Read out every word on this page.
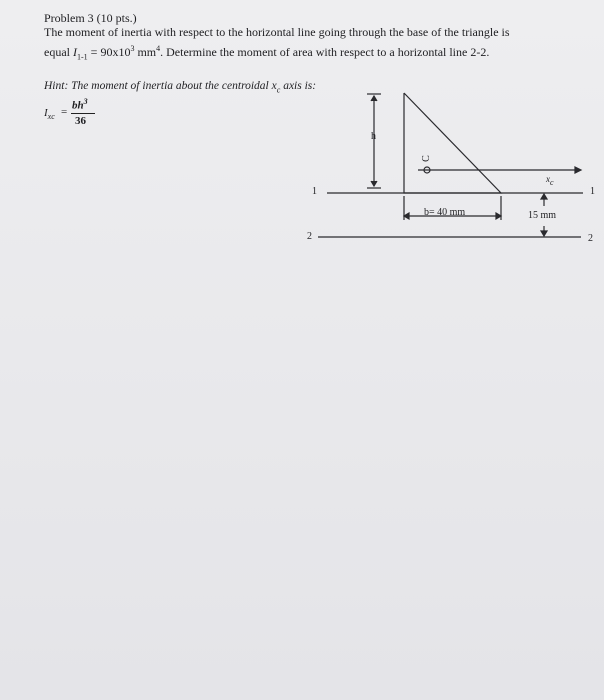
Problem 3 (10 pts.)
The moment of inertia with respect to the horizontal line going through the base of the triangle is
equal $I_{1-1} = 90x10^3$ $mm^4$. Determine the moment of area with respect to a horizontal line 2-2.
Hint: The moment of inertia about the centroidal $x_c$ axis is:
$I_{xc}$ =
$bh^3$
36
h
C
$x_c$
1	1
b= 40 mm	15 mm
2	2
